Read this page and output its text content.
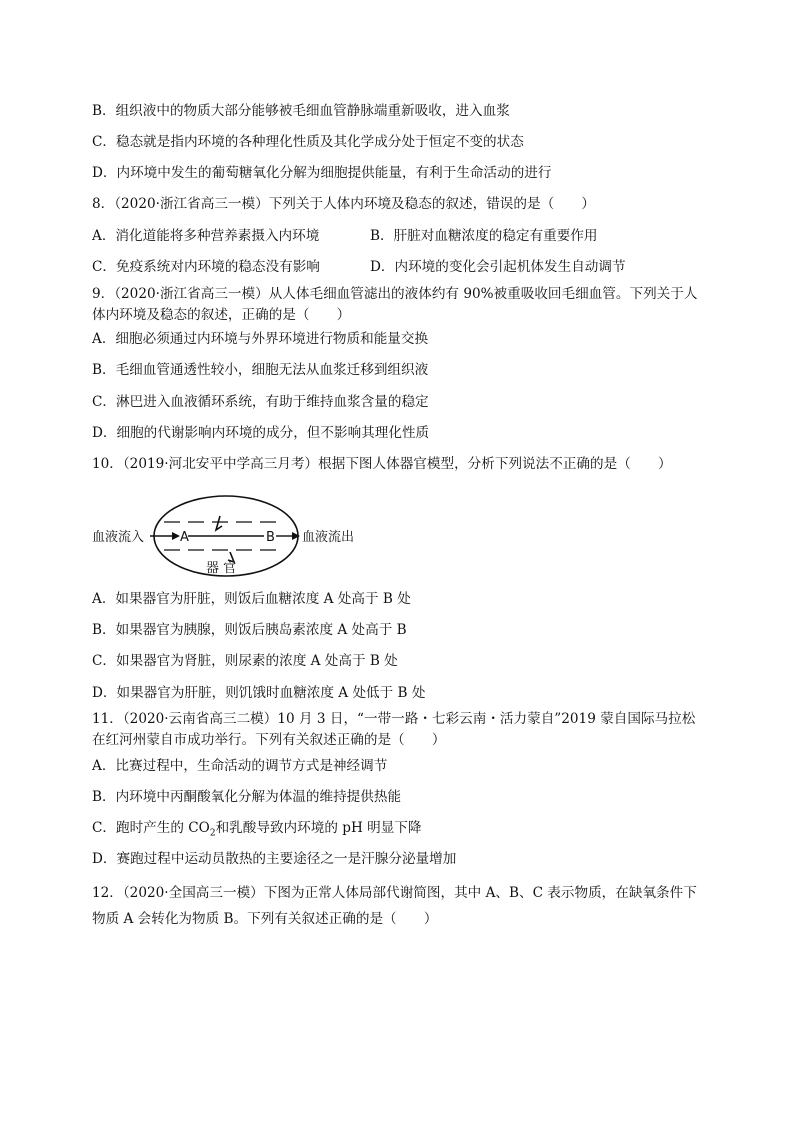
B．组织液中的物质大部分能够被毛细血管静脉端重新吸收，进入血浆
C．稳态就是指内环境的各种理化性质及其化学成分处于恒定不变的状态
D．内环境中发生的葡萄糖氧化分解为细胞提供能量，有利于生命活动的进行
8．（2020·浙江省高三一模）下列关于人体内环境及稳态的叙述，错误的是（　　）
A．消化道能将多种营养素摄入内环境	B．肝脏对血糖浓度的稳定有重要作用
C．免疫系统对内环境的稳态没有影响	D．内环境的变化会引起机体发生自动调节
9．（2020·浙江省高三一模）从人体毛细血管滤出的液体约有 90%被重吸收回毛细血管。下列关于人体内环境及稳态的叙述，正确的是（　　）
A．细胞必须通过内环境与外界环境进行物质和能量交换
B．毛细血管通透性较小，细胞无法从血浆迁移到组织液
C．淋巴进入血液循环系统，有助于维持血浆含量的稳定
D．细胞的代谢影响内环境的成分，但不影响其理化性质
10．（2019·河北安平中学高三月考）根据下图人体器官模型，分析下列说法不正确的是（　　）
血液流入	A	B 血液流出
器 官
A．如果器官为肝脏，则饭后血糖浓度 A 处高于 B 处
B．如果器官为胰腺，则饭后胰岛素浓度 A 处高于 B
C．如果器官为肾脏，则尿素的浓度 A 处高于 B 处
D．如果器官为肝脏，则饥饿时血糖浓度 A 处低于 B 处
11．（2020·云南省高三二模）10 月 3 日，“一带一路・七彩云南・活力蒙自”2019 蒙自国际马拉松在红河州蒙自市成功举行。下列有关叙述正确的是（　　）
A．比赛过程中，生命活动的调节方式是神经调节
B．内环境中丙酮酸氧化分解为体温的维持提供热能
C．跑时产生的 $CO_2$和乳酸导致内环境的 pH 明显下降
D．赛跑过程中运动员散热的主要途径之一是汗腺分泌量增加
12．（2020·全国高三一模）下图为正常人体局部代谢简图，其中 A、B、C 表示物质，在缺氧条件下物质 A 会转化为物质 B。下列有关叙述正确的是（　　）
